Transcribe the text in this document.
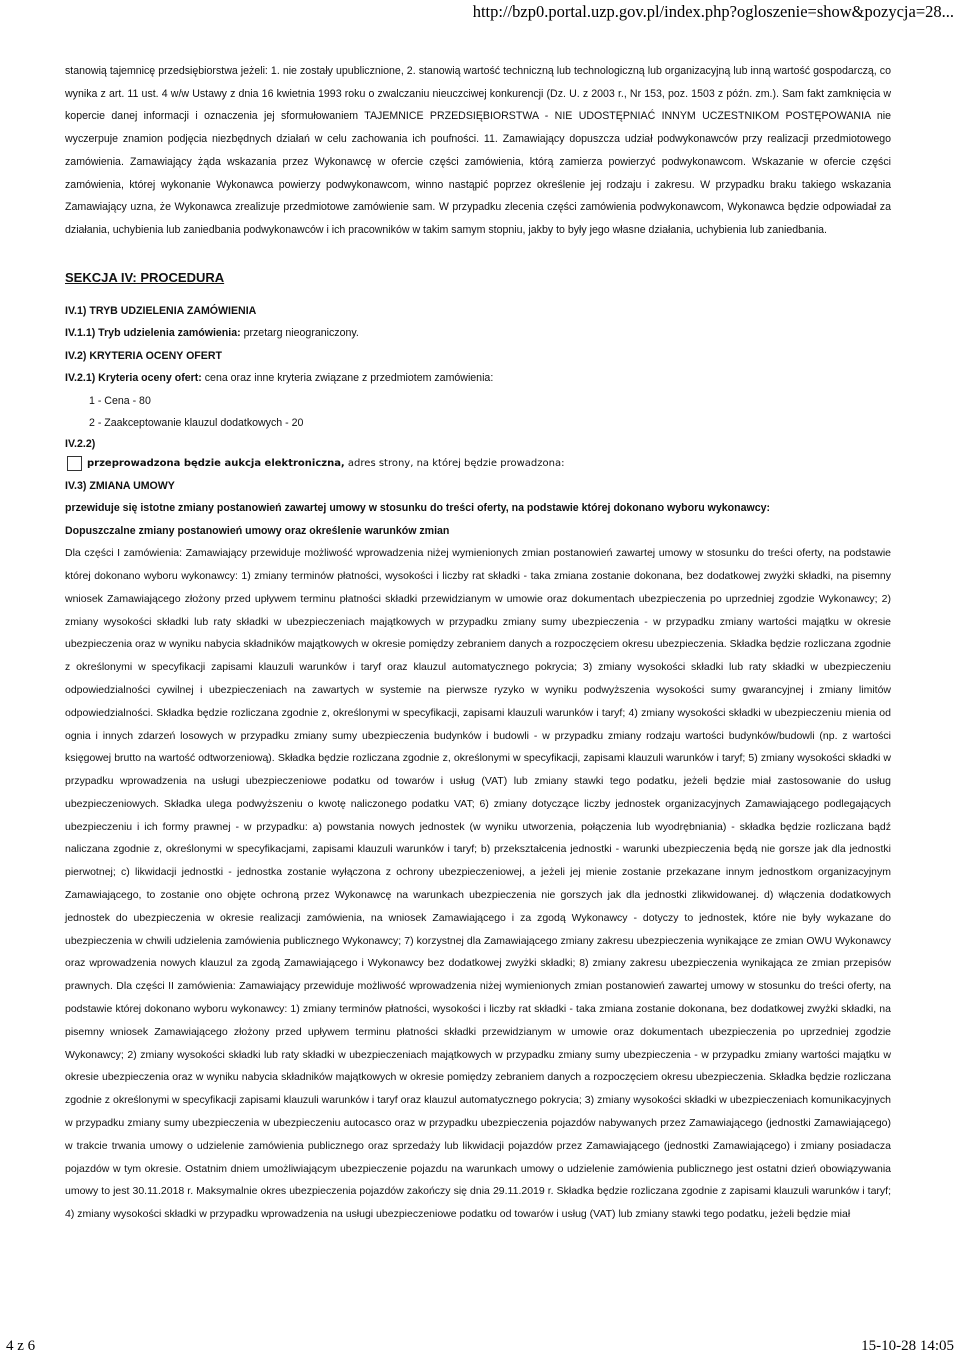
http://bzp0.portal.uzp.gov.pl/index.php?ogloszenie=show&pozycja=28...

stanowią tajemnicę przedsiębiorstwa jeżeli: 1. nie zostały upublicznione, 2. stanowią wartość techniczną lub technologiczną lub organizacyjną lub inną wartość gospodarczą, co wynika z art. 11 ust. 4 w/w Ustawy z dnia 16 kwietnia 1993 roku o zwalczaniu nieuczciwej konkurencji (Dz. U. z 2003 r., Nr 153, poz. 1503 z późn. zm.). Sam fakt zamknięcia w kopercie danej informacji i oznaczenia jej sformułowaniem TAJEMNICE PRZEDSIĘBIORSTWA - NIE UDOSTĘPNIAĆ INNYM UCZESTNIKOM POSTĘPOWANIA nie wyczerpuje znamion podjęcia niezbędnych działań w celu zachowania ich poufności. 11. Zamawiający dopuszcza udział podwykonawców przy realizacji przedmiotowego zamówienia. Zamawiający żąda wskazania przez Wykonawcę w ofercie części zamówienia, którą zamierza powierzyć podwykonawcom. Wskazanie w ofercie części zamówienia, której wykonanie Wykonawca powierzy podwykonawcom, winno nastąpić poprzez określenie jej rodzaju i zakresu. W przypadku braku takiego wskazania Zamawiający uzna, że Wykonawca zrealizuje przedmiotowe zamówienie sam. W przypadku zlecenia części zamówienia podwykonawcom, Wykonawca będzie odpowiadał za działania, uchybienia lub zaniedbania podwykonawców i ich pracowników w takim samym stopniu, jakby to były jego własne działania, uchybienia lub zaniedbania.

SEKCJA IV: PROCEDURA

IV.1) TRYB UDZIELENIA ZAMÓWIENIA

IV.1.1) Tryb udzielenia zamówienia: przetarg nieograniczony.

IV.2) KRYTERIA OCENY OFERT

IV.2.1) Kryteria oceny ofert: cena oraz inne kryteria związane z przedmiotem zamówienia:

1 - Cena - 80

2 - Zaakceptowanie klauzul dodatkowych - 20

IV.2.2)

przeprowadzona będzie aukcja elektroniczna, adres strony, na której będzie prowadzona:

IV.3) ZMIANA UMOWY

przewiduje się istotne zmiany postanowień zawartej umowy w stosunku do treści oferty, na podstawie której dokonano wyboru wykonawcy:

Dopuszczalne zmiany postanowień umowy oraz określenie warunków zmian

Dla części I zamówienia: Zamawiający przewiduje możliwość wprowadzenia niżej wymienionych zmian postanowień zawartej umowy w stosunku do treści oferty, na podstawie której dokonano wyboru wykonawcy: 1) zmiany terminów płatności, wysokości i liczby rat składki - taka zmiana zostanie dokonana, bez dodatkowej zwyżki składki, na pisemny wniosek Zamawiającego złożony przed upływem terminu płatności składki przewidzianym w umowie oraz dokumentach ubezpieczenia po uprzedniej zgodzie Wykonawcy; 2) zmiany wysokości składki lub raty składki w ubezpieczeniach majątkowych w przypadku zmiany sumy ubezpieczenia - w przypadku zmiany wartości majątku w okresie ubezpieczenia oraz w wyniku nabycia składników majątkowych w okresie pomiędzy zebraniem danych a rozpoczęciem okresu ubezpieczenia. Składka będzie rozliczana zgodnie z określonymi w specyfikacji zapisami klauzuli warunków i taryf oraz klauzul automatycznego pokrycia; 3) zmiany wysokości składki lub raty składki w ubezpieczeniu odpowiedzialności cywilnej i ubezpieczeniach na zawartych w systemie na pierwsze ryzyko w wyniku podwyższenia wysokości sumy gwarancyjnej i zmiany limitów odpowiedzialności. Składka będzie rozliczana zgodnie z, określonymi w specyfikacji, zapisami klauzuli warunków i taryf; 4) zmiany wysokości składki w ubezpieczeniu mienia od ognia i innych zdarzeń losowych w przypadku zmiany sumy ubezpieczenia budynków i budowli - w przypadku zmiany rodzaju wartości budynków/budowli (np. z wartości księgowej brutto na wartość odtworzeniową). Składka będzie rozliczana zgodnie z, określonymi w specyfikacji, zapisami klauzuli warunków i taryf; 5) zmiany wysokości składki w przypadku wprowadzenia na usługi ubezpieczeniowe podatku od towarów i usług (VAT) lub zmiany stawki tego podatku, jeżeli będzie miał zastosowanie do usług ubezpieczeniowych. Składka ulega podwyższeniu o kwotę naliczonego podatku VAT; 6) zmiany dotyczące liczby jednostek organizacyjnych Zamawiającego podlegających ubezpieczeniu i ich formy prawnej - w przypadku: a) powstania nowych jednostek (w wyniku utworzenia, połączenia lub wyodrębniania) - składka będzie rozliczana bądź naliczana zgodnie z, określonymi w specyfikacjami, zapisami klauzuli warunków i taryf; b) przekształcenia jednostki - warunki ubezpieczenia będą nie gorsze jak dla jednostki pierwotnej; c) likwidacji jednostki - jednostka zostanie wyłączona z ochrony ubezpieczeniowej, a jeżeli jej mienie zostanie przekazane innym jednostkom organizacyjnym Zamawiającego, to zostanie ono objęte ochroną przez Wykonawcę na warunkach ubezpieczenia nie gorszych jak dla jednostki zlikwidowanej. d) włączenia dodatkowych jednostek do ubezpieczenia w okresie realizacji zamówienia, na wniosek Zamawiającego i za zgodą Wykonawcy - dotyczy to jednostek, które nie były wykazane do ubezpieczenia w chwili udzielenia zamówienia publicznego Wykonawcy; 7) korzystnej dla Zamawiającego zmiany zakresu ubezpieczenia wynikające ze zmian OWU Wykonawcy oraz wprowadzenia nowych klauzul za zgodą Zamawiającego i Wykonawcy bez dodatkowej zwyżki składki; 8) zmiany zakresu ubezpieczenia wynikająca ze zmian przepisów prawnych. Dla części II zamówienia: Zamawiający przewiduje możliwość wprowadzenia niżej wymienionych zmian postanowień zawartej umowy w stosunku do treści oferty, na podstawie której dokonano wyboru wykonawcy: 1) zmiany terminów płatności, wysokości i liczby rat składki - taka zmiana zostanie dokonana, bez dodatkowej zwyżki składki, na pisemny wniosek Zamawiającego złożony przed upływem terminu płatności składki przewidzianym w umowie oraz dokumentach ubezpieczenia po uprzedniej zgodzie Wykonawcy; 2) zmiany wysokości składki lub raty składki w ubezpieczeniach majątkowych w przypadku zmiany sumy ubezpieczenia - w przypadku zmiany wartości majątku w okresie ubezpieczenia oraz w wyniku nabycia składników majątkowych w okresie pomiędzy zebraniem danych a rozpoczęciem okresu ubezpieczenia. Składka będzie rozliczana zgodnie z określonymi w specyfikacji zapisami klauzuli warunków i taryf oraz klauzul automatycznego pokrycia; 3) zmiany wysokości składki w ubezpieczeniach komunikacyjnych w przypadku zmiany sumy ubezpieczenia w ubezpieczeniu autocasco oraz w przypadku ubezpieczenia pojazdów nabywanych przez Zamawiającego (jednostki Zamawiającego) w trakcie trwania umowy o udzielenie zamówienia publicznego oraz sprzedaży lub likwidacji pojazdów przez Zamawiającego (jednostki Zamawiającego) i zmiany posiadacza pojazdów w tym okresie. Ostatnim dniem umożliwiającym ubezpieczenie pojazdu na warunkach umowy o udzielenie zamówienia publicznego jest ostatni dzień obowiązywania umowy to jest 30.11.2018 r. Maksymalnie okres ubezpieczenia pojazdów zakończy się dnia 29.11.2019 r. Składka będzie rozliczana zgodnie z zapisami klauzuli warunków i taryf; 4) zmiany wysokości składki w przypadku wprowadzenia na usługi ubezpieczeniowe podatku od towarów i usług (VAT) lub zmiany stawki tego podatku, jeżeli będzie miał

4 z 6	15-10-28 14:05
